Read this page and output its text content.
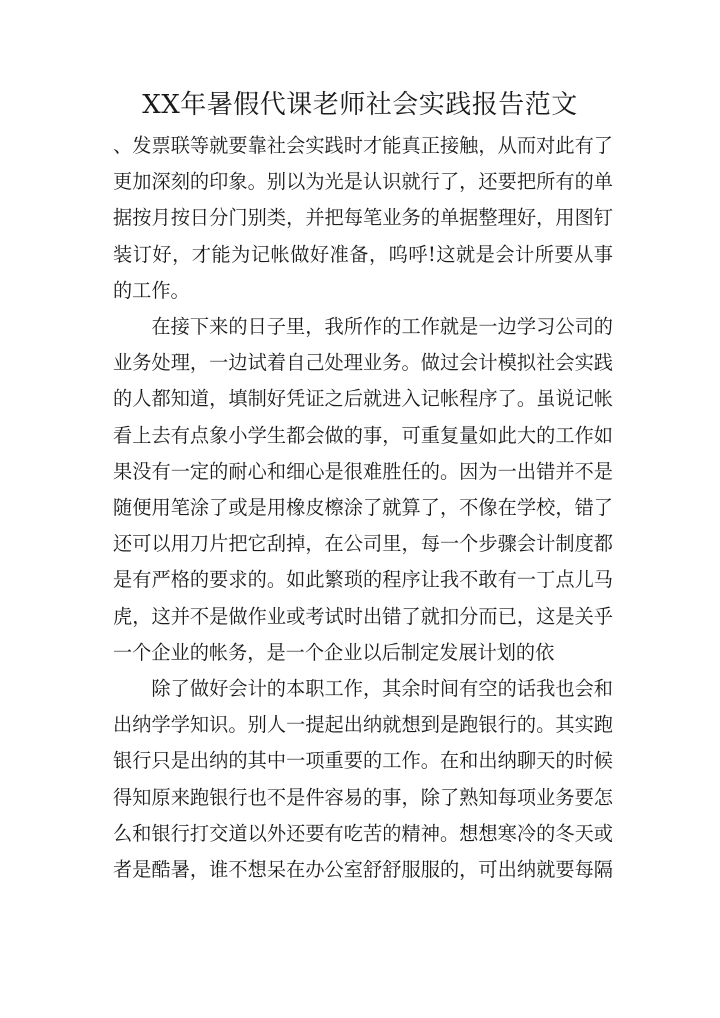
XX年暑假代课老师社会实践报告范文

、发票联等就要靠社会实践时才能真正接触，从而对此有了
更加深刻的印象。别以为光是认识就行了，还要把所有的单
据按月按日分门别类，并把每笔业务的单据整理好，用图钉
装订好，才能为记帐做好准备，呜呼!这就是会计所要从事
的工作。

在接下来的日子里，我所作的工作就是一边学习公司的
业务处理，一边试着自己处理业务。做过会计模拟社会实践
的人都知道，填制好凭证之后就进入记帐程序了。虽说记帐
看上去有点象小学生都会做的事，可重复量如此大的工作如
果没有一定的耐心和细心是很难胜任的。因为一出错并不是
随便用笔涂了或是用橡皮檫涂了就算了，不像在学校，错了
还可以用刀片把它刮掉，在公司里，每一个步骤会计制度都
是有严格的要求的。如此繁琐的程序让我不敢有一丁点儿马
虎，这并不是做作业或考试时出错了就扣分而已，这是关乎
一个企业的帐务，是一个企业以后制定发展计划的依

除了做好会计的本职工作，其余时间有空的话我也会和
出纳学学知识。别人一提起出纳就想到是跑银行的。其实跑
银行只是出纳的其中一项重要的工作。在和出纳聊天的时候
得知原来跑银行也不是件容易的事，除了熟知每项业务要怎
么和银行打交道以外还要有吃苦的精神。想想寒冷的冬天或
者是酷暑，谁不想呆在办公室舒舒服服的，可出纳就要每隔
